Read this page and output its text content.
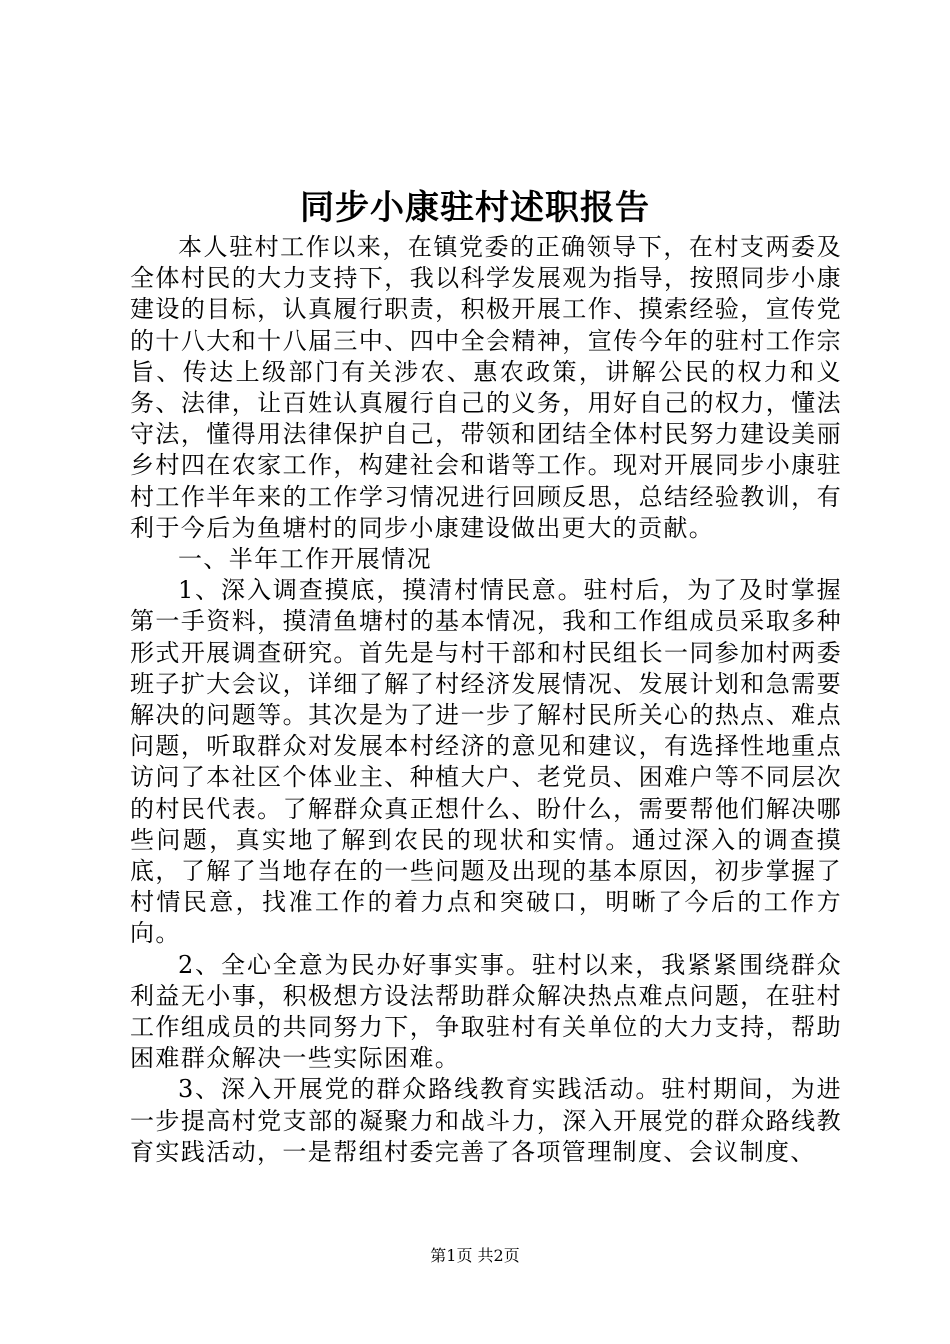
同步小康驻村述职报告

本人驻村工作以来，在镇党委的正确领导下，在村支两委及全体村民的大力支持下，我以科学发展观为指导，按照同步小康建设的目标，认真履行职责，积极开展工作、摸索经验，宣传党的十八大和十八届三中、四中全会精神，宣传今年的驻村工作宗旨、传达上级部门有关涉农、惠农政策，讲解公民的权力和义务、法律，让百姓认真履行自己的义务，用好自己的权力，懂法守法，懂得用法律保护自己，带领和团结全体村民努力建设美丽乡村四在农家工作，构建社会和谐等工作。现对开展同步小康驻村工作半年来的工作学习情况进行回顾反思，总结经验教训，有利于今后为鱼塘村的同步小康建设做出更大的贡献。

一、半年工作开展情况

1、深入调查摸底，摸清村情民意。驻村后，为了及时掌握第一手资料，摸清鱼塘村的基本情况，我和工作组成员采取多种形式开展调查研究。首先是与村干部和村民组长一同参加村两委班子扩大会议，详细了解了村经济发展情况、发展计划和急需要解决的问题等。其次是为了进一步了解村民所关心的热点、难点问题，听取群众对发展本村经济的意见和建议，有选择性地重点访问了本社区个体业主、种植大户、老党员、困难户等不同层次的村民代表。了解群众真正想什么、盼什么，需要帮他们解决哪些问题，真实地了解到农民的现状和实情。通过深入的调查摸底，了解了当地存在的一些问题及出现的基本原因，初步掌握了村情民意，找准工作的着力点和突破口，明晰了今后的工作方向。

2、全心全意为民办好事实事。驻村以来，我紧紧围绕群众利益无小事，积极想方设法帮助群众解决热点难点问题，在驻村工作组成员的共同努力下，争取驻村有关单位的大力支持，帮助困难群众解决一些实际困难。

3、深入开展党的群众路线教育实践活动。驻村期间，为进一步提高村党支部的凝聚力和战斗力，深入开展党的群众路线教育实践活动，一是帮组村委完善了各项管理制度、会议制度、

第1页 共2页
